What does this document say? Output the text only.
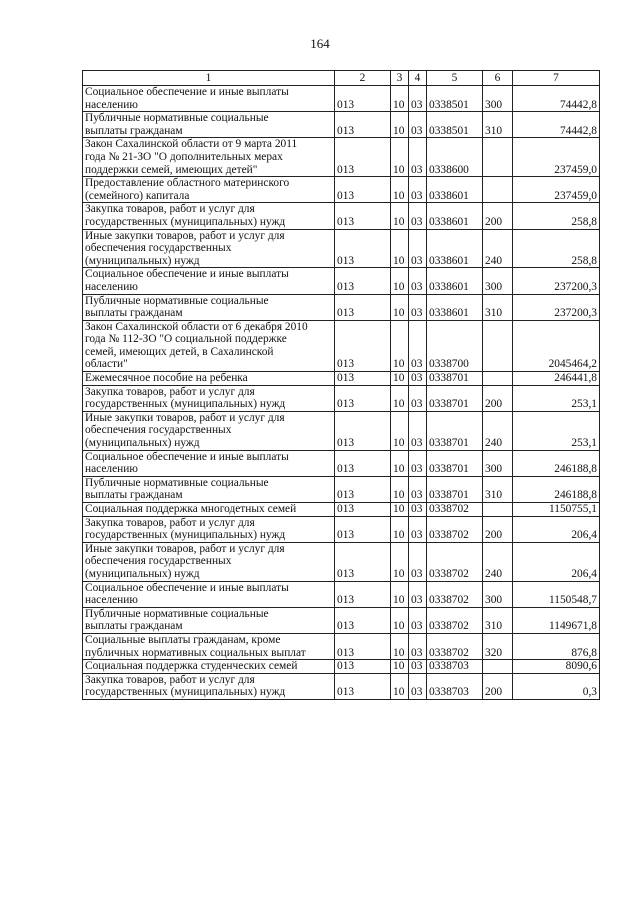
164
1	2	3	4	5	6	7
Социальное обеспечение и иные выплаты
населению	013	10	03	0338501	300	74442,8
Публичные нормативные социальные
выплаты гражданам	013	10	03	0338501	310	74442,8
Закон Сахалинской области от 9 марта 2011
года № 21-ЗО "О дополнительных мерах
поддержки семей, имеющих детей"	013	10	03	0338600		237459,0
Предоставление областного материнского
(семейного) капитала	013	10	03	0338601		237459,0
Закупка товаров, работ и услуг для
государственных (муниципальных) нужд	013	10	03	0338601	200	258,8
Иные закупки товаров, работ и услуг для
обеспечения государственных
(муниципальных) нужд	013	10	03	0338601	240	258,8
Социальное обеспечение и иные выплаты
населению	013	10	03	0338601	300	237200,3
Публичные нормативные социальные
выплаты гражданам	013	10	03	0338601	310	237200,3
Закон Сахалинской области от 6 декабря 2010
года № 112-ЗО "О социальной поддержке
семей, имеющих детей, в Сахалинской
области"	013	10	03	0338700		2045464,2
Ежемесячное пособие на ребенка	013	10	03	0338701		246441,8
Закупка товаров, работ и услуг для
государственных (муниципальных) нужд	013	10	03	0338701	200	253,1
Иные закупки товаров, работ и услуг для
обеспечения государственных
(муниципальных) нужд	013	10	03	0338701	240	253,1
Социальное обеспечение и иные выплаты
населению	013	10	03	0338701	300	246188,8
Публичные нормативные социальные
выплаты гражданам	013	10	03	0338701	310	246188,8
Социальная поддержка многодетных семей	013	10	03	0338702		1150755,1
Закупка товаров, работ и услуг для
государственных (муниципальных) нужд	013	10	03	0338702	200	206,4
Иные закупки товаров, работ и услуг для
обеспечения государственных
(муниципальных) нужд	013	10	03	0338702	240	206,4
Социальное обеспечение и иные выплаты
населению	013	10	03	0338702	300	1150548,7
Публичные нормативные социальные
выплаты гражданам	013	10	03	0338702	310	1149671,8
Социальные выплаты гражданам, кроме
публичных нормативных социальных выплат	013	10	03	0338702	320	876,8
Социальная поддержка студенческих семей	013	10	03	0338703		8090,6
Закупка товаров, работ и услуг для
государственных (муниципальных) нужд	013	10	03	0338703	200	0,3
